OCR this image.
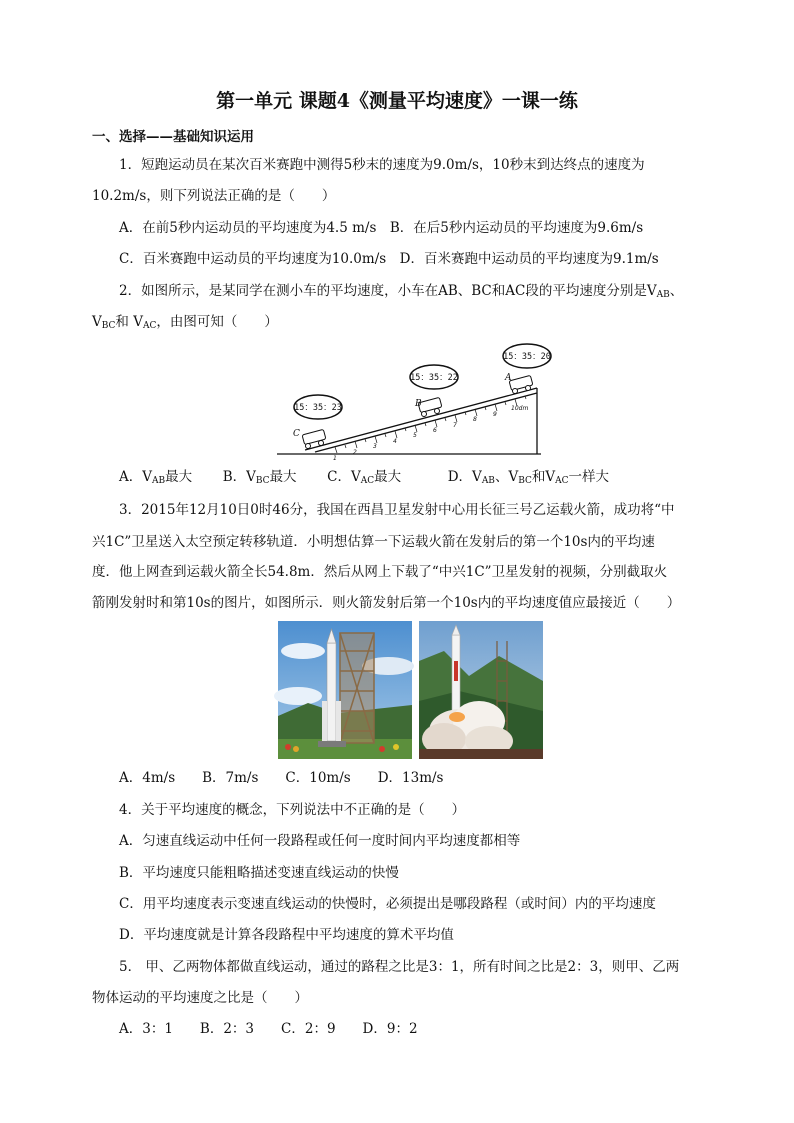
第一单元 课题4《测量平均速度》一课一练
一、选择——基础知识运用
1．短跑运动员在某次百米赛跑中测得5秒末的速度为9.0m/s，10秒末到达终点的速度为
10.2m/s，则下列说法正确的是（　　）
A．在前5秒内运动员的平均速度为4.5 m/s　B．在后5秒内运动员的平均速度为9.6m/s
C．百米赛跑中运动员的平均速度为10.0m/s　D．百米赛跑中运动员的平均速度为9.1m/s
2．如图所示，是某同学在测小车的平均速度，小车在AB、BC和AC段的平均速度分别是$V_{AB}$、
$V_{BC}$和 $V_{AC}$，由图可知（　　）
1
2
3
4
5
6
7
8
9
10dm
C
B
A
15：35：23
15：35：22
15：35：20
A．$V_{AB}$最大 B．$V_{BC}$最大 C．$V_{AC}$最大	D．$V_{AB}$、$V_{BC}$和$V_{AC}$一样大
3．2015年12月10日0时46分，我国在西昌卫星发射中心用长征三号乙运载火箭，成功将“中
兴1C”卫星送入太空预定转移轨道．小明想估算一下运载火箭在发射后的第一个10s内的平均速
度．他上网查到运载火箭全长54.8m．然后从网上下载了“中兴1C”卫星发射的视频，分别截取火
箭刚发射时和第10s的图片，如图所示．则火箭发射后第一个10s内的平均速度值应最接近（　　）
A．4m/s　　B．7m/s　　C．10m/s　　D．13m/s
4．关于平均速度的概念，下列说法中不正确的是（　　）
A．匀速直线运动中任何一段路程或任何一度时间内平均速度都相等
B．平均速度只能粗略描述变速直线运动的快慢
C．用平均速度表示变速直线运动的快慢时，必须提出是哪段路程（或时间）内的平均速度
D．平均速度就是计算各段路程中平均速度的算术平均值
5． 甲、乙两物体都做直线运动，通过的路程之比是3：1，所有时间之比是2：3，则甲、乙两
物体运动的平均速度之比是（　　）
A．3：1　　B．2：3　　C．2：9　　D．9：2
